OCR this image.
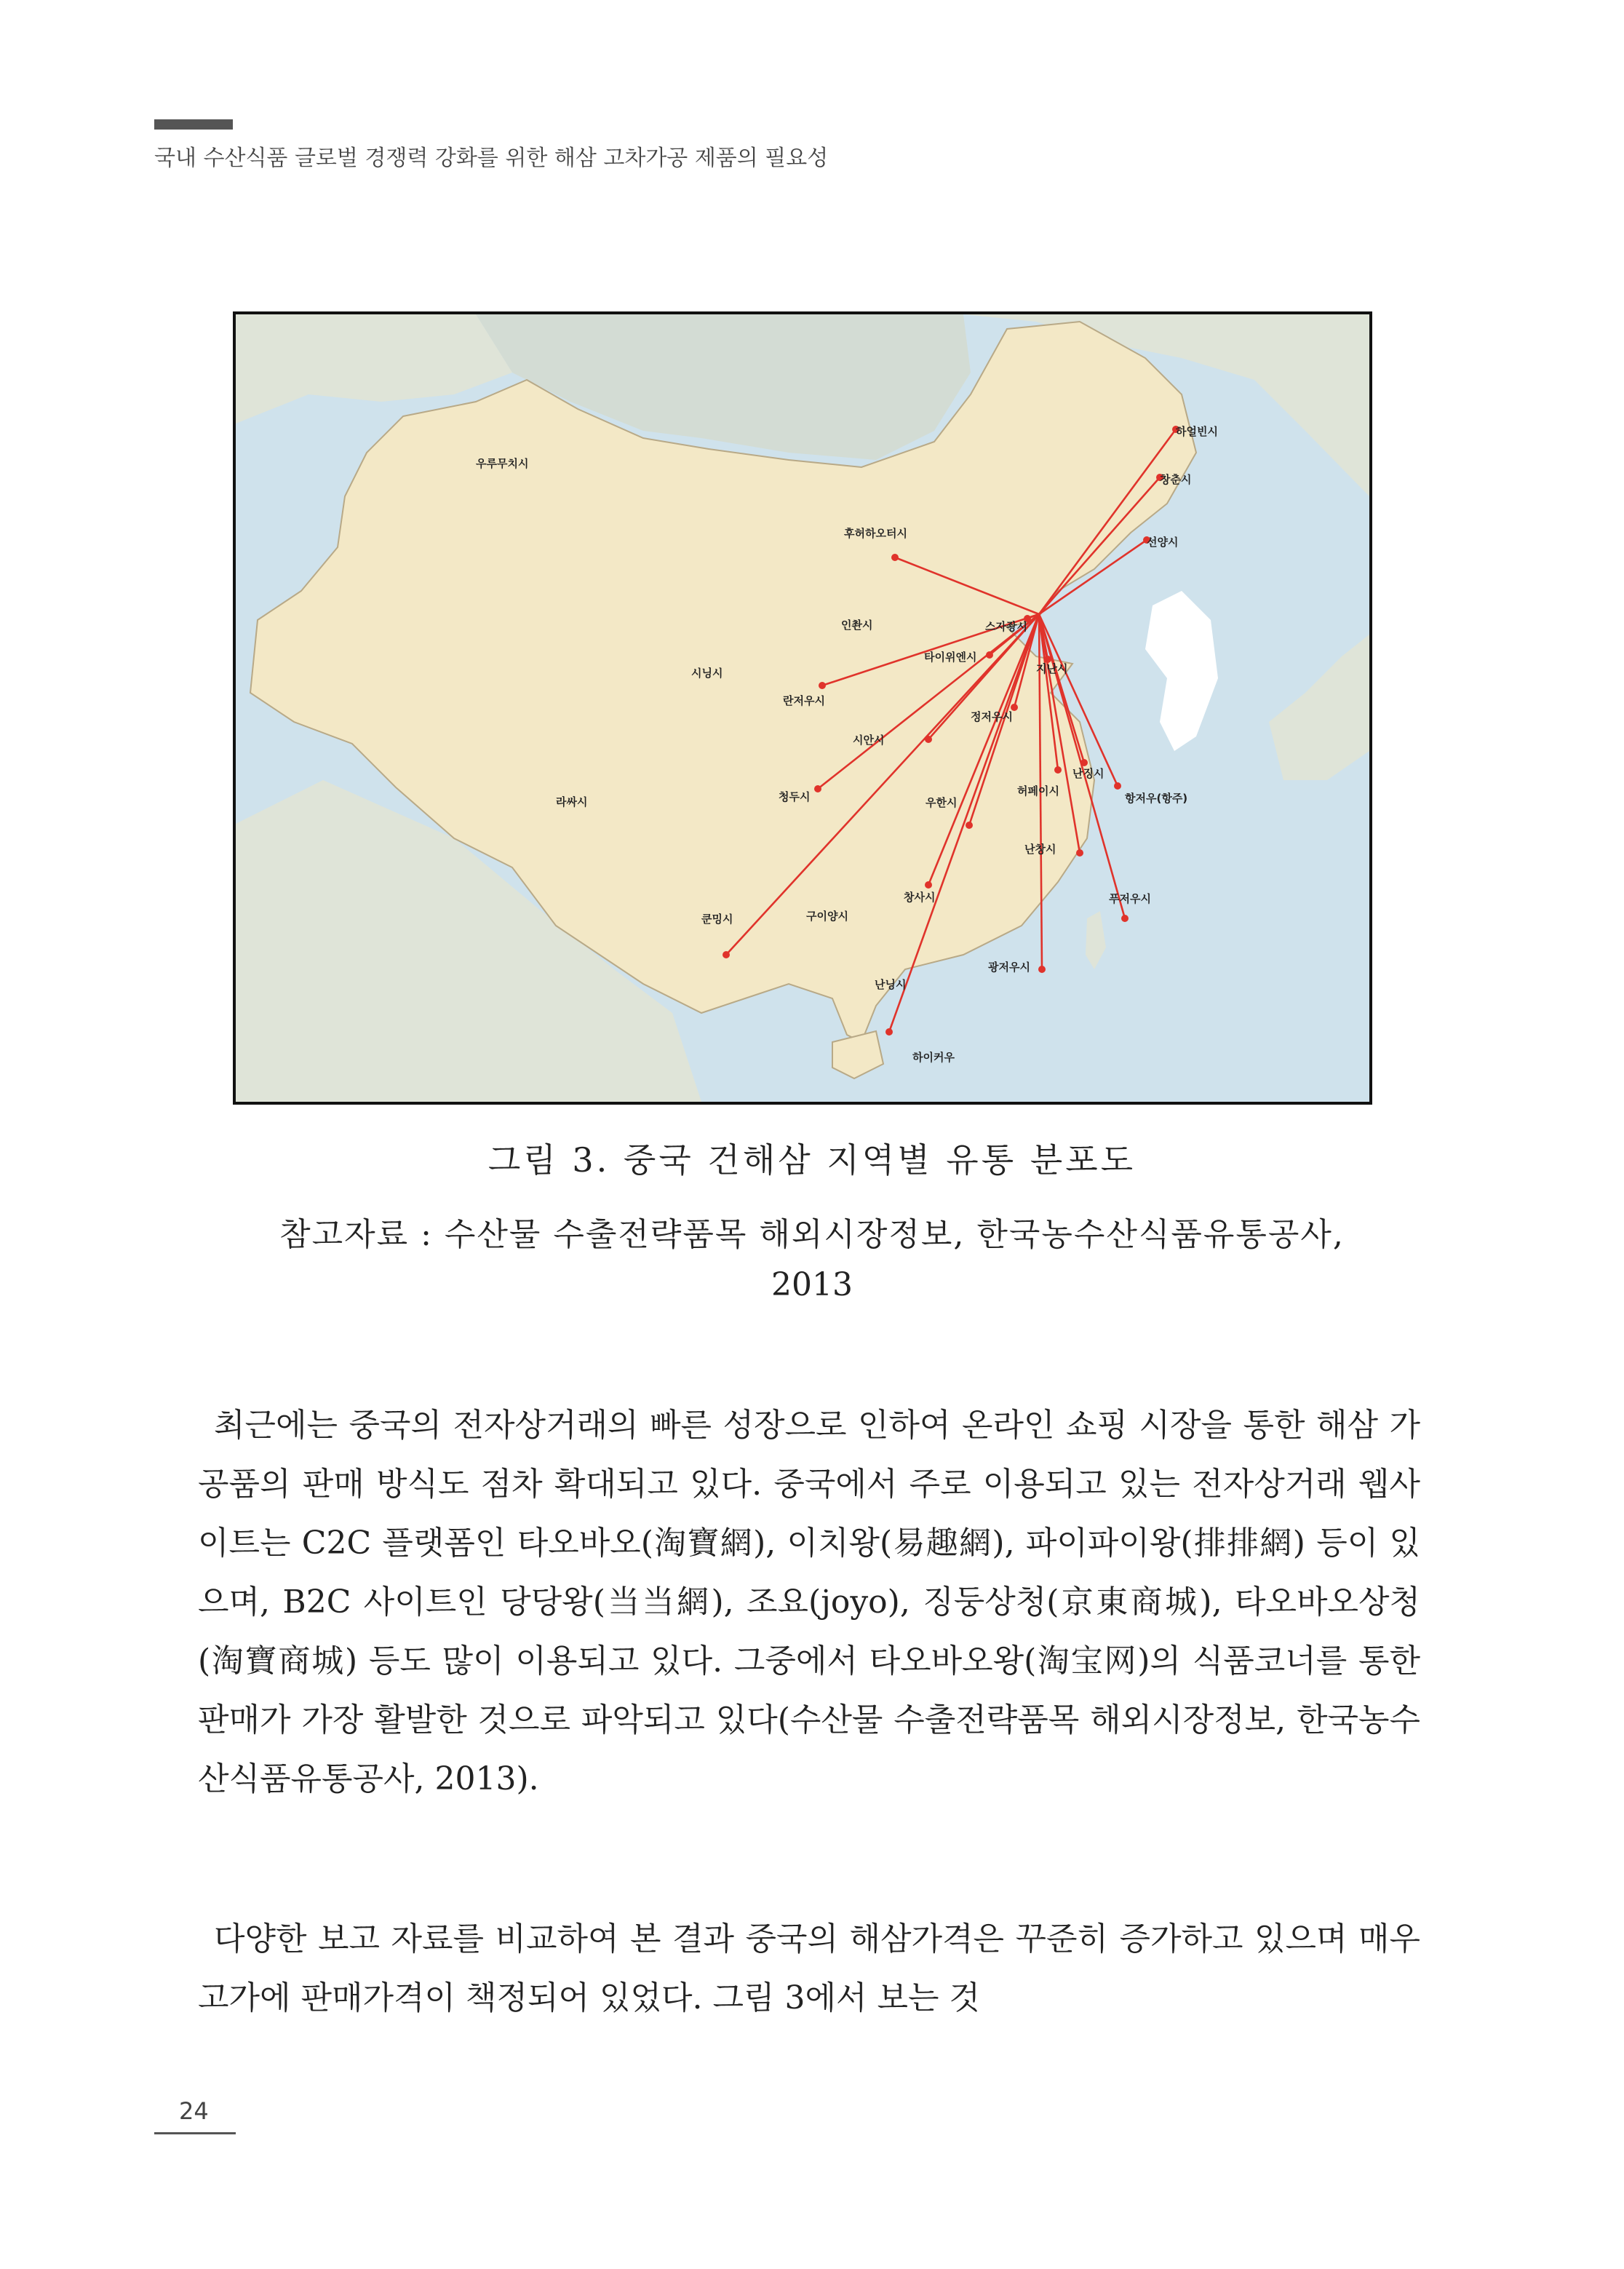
국내 수산식품 글로벌 경쟁력 강화를 위한 해삼 고차가공 제품의 필요성
우루무치시
라싸시
시닝시
란저우시
인촨시
후허하오터시
하얼빈시
창춘시
선양시
스자좡시
타이위엔시
지난시
정저우시
시안시
청두시	우한시
허페이시
난징시
항저우(항주)
난창시
창사시	푸저우시
구이양시
쿤밍시
난닝시
광저우시
하이커우
그림 3. 중국 건해삼 지역별 유통 분포도
참고자료 : 수산물 수출전략품목 해외시장정보, 한국농수산식품유통공사,
2013

최근에는 중국의 전자상거래의 빠른 성장으로 인하여 온라인 쇼핑 시장을 통한 해삼 가공품의 판매 방식도 점차 확대되고 있다. 중국에서 주로 이용되고 있는 전자상거래 웹사이트는 C2C 플랫폼인 타오바오(淘寶網), 이치왕(易趣網), 파이파이왕(排排網) 등이 있으며, B2C 사이트인 당당왕(当当網), 조요(joyo), 징둥상청(京東商城), 타오바오상청(淘寶商城) 등도 많이 이용되고 있다. 그중에서 타오바오왕(淘宝网)의 식품코너를 통한 판매가 가장 활발한 것으로 파악되고 있다(수산물 수출전략품목 해외시장정보, 한국농수산식품유통공사, 2013).

다양한 보고 자료를 비교하여 본 결과 중국의 해삼가격은 꾸준히 증가하고 있으며 매우 고가에 판매가격이 책정되어 있었다. 그림 3에서 보는 것

24
